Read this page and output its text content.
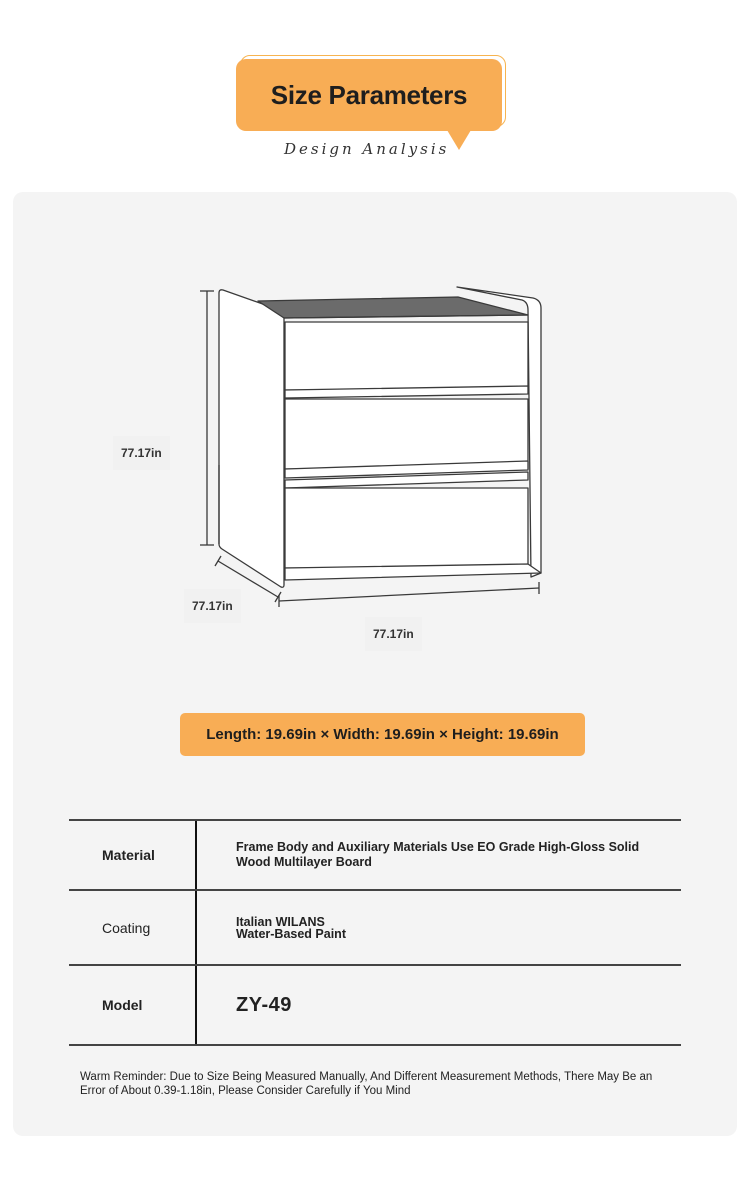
Size Parameters
Design Analysis
77.17in
77.17in
77.17in
Length: 19.69in × Width: 19.69in × Height: 19.69in
Material	Frame Body and Auxiliary Materials Use EO Grade High-Gloss Solid Wood Multilayer Board
Coating	Italian WILANS
Water-Based Paint
Model	ZY-49
Warm Reminder: Due to Size Being Measured Manually, And Different Measurement Methods, There May Be an Error of About 0.39-1.18in, Please Consider Carefully if You Mind
